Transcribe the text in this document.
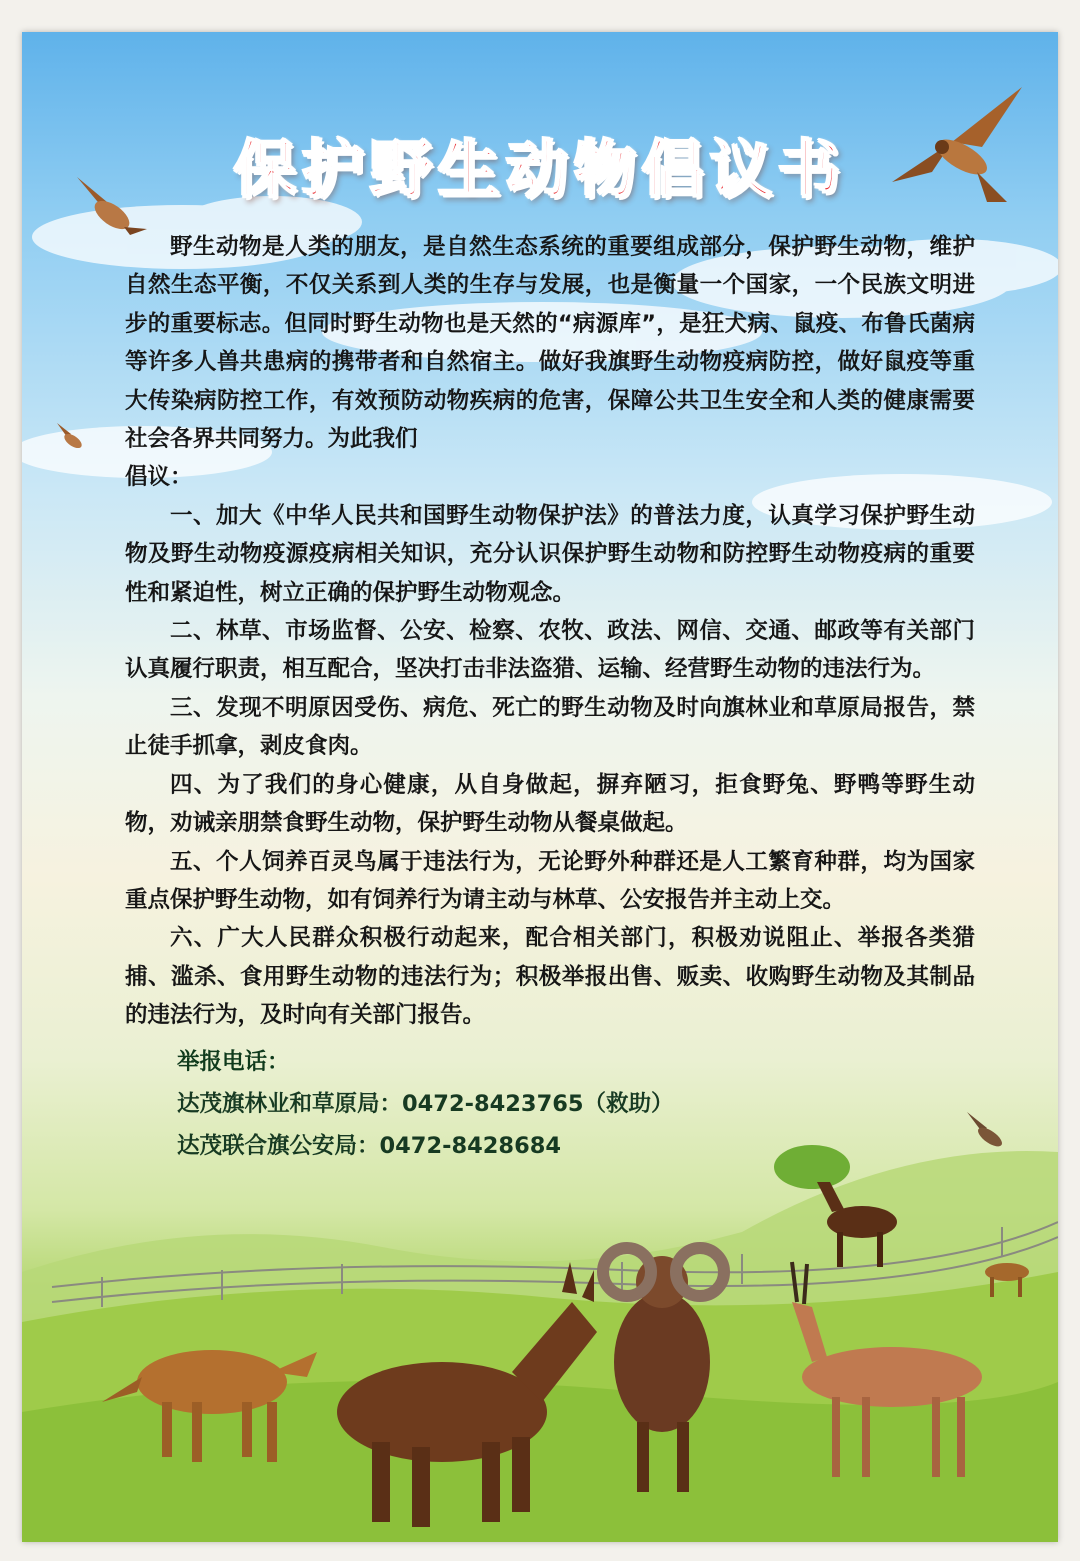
保护野生动物倡议书

野生动物是人类的朋友，是自然生态系统的重要组成部分，保护野生动物，维护自然生态平衡，不仅关系到人类的生存与发展，也是衡量一个国家，一个民族文明进步的重要标志。但同时野生动物也是天然的“病源库”，是狂犬病、鼠疫、布鲁氏菌病等许多人兽共患病的携带者和自然宿主。做好我旗野生动物疫病防控，做好鼠疫等重大传染病防控工作，有效预防动物疾病的危害，保障公共卫生安全和人类的健康需要社会各界共同努力。为此我们

倡议：

一、加大《中华人民共和国野生动物保护法》的普法力度，认真学习保护野生动物及野生动物疫源疫病相关知识，充分认识保护野生动物和防控野生动物疫病的重要性和紧迫性，树立正确的保护野生动物观念。

二、林草、市场监督、公安、检察、农牧、政法、网信、交通、邮政等有关部门认真履行职责，相互配合，坚决打击非法盗猎、运输、经营野生动物的违法行为。

三、发现不明原因受伤、病危、死亡的野生动物及时向旗林业和草原局报告，禁止徒手抓拿，剥皮食肉。

四、为了我们的身心健康，从自身做起，摒弃陋习，拒食野兔、野鸭等野生动物，劝诫亲朋禁食野生动物，保护野生动物从餐桌做起。

五、个人饲养百灵鸟属于违法行为，无论野外种群还是人工繁育种群，均为国家重点保护野生动物，如有饲养行为请主动与林草、公安报告并主动上交。

六、广大人民群众积极行动起来，配合相关部门，积极劝说阻止、举报各类猎捕、滥杀、食用野生动物的违法行为；积极举报出售、贩卖、收购野生动物及其制品的违法行为，及时向有关部门报告。

举报电话：
达茂旗林业和草原局：0472-8423765（救助）
达茂联合旗公安局：0472-8428684
